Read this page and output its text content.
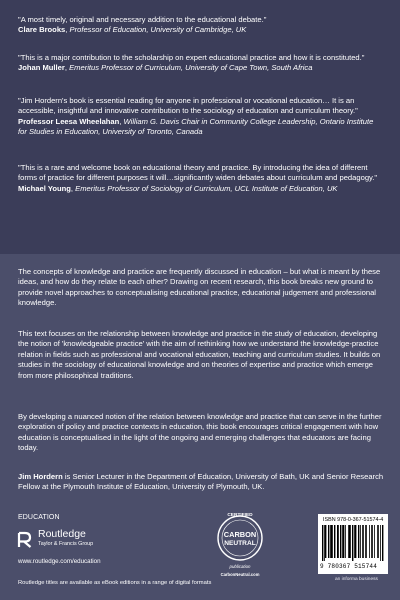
"A most timely, original and necessary addition to the educational debate."
Clare Brooks, Professor of Education, University of Cambridge, UK
"This is a major contribution to the scholarship on expert educational practice and how it is constituted."
Johan Muller, Emeritus Professor of Curriculum, University of Cape Town, South Africa
"Jim Hordern's book is essential reading for anyone in professional or vocational education… It is an accessible, insightful and innovative contribution to the sociology of education and curriculum theory."
Professor Leesa Wheelahan, William G. Davis Chair in Community College Leadership, Ontario Institute for Studies in Education, University of Toronto, Canada
"This is a rare and welcome book on educational theory and practice. By introducing the idea of different forms of practice for different purposes it will…significantly widen debates about curriculum and pedagogy."
Michael Young, Emeritus Professor of Sociology of Curriculum, UCL Institute of Education, UK
The concepts of knowledge and practice are frequently discussed in education – but what is meant by these ideas, and how do they relate to each other? Drawing on recent research, this book breaks new ground to provide novel approaches to conceptualising educational practice, educational judgement and professional knowledge.
This text focuses on the relationship between knowledge and practice in the study of education, developing the notion of 'knowledgeable practice' with the aim of rethinking how we understand the knowledge-practice relation in fields such as professional and vocational education, teaching and curriculum studies. It builds on studies in the sociology of educational knowledge and on theories of expertise and practice which emerge from more philosophical traditions.
By developing a nuanced notion of the relation between knowledge and practice that can serve in the further exploration of policy and practice contexts in education, this book encourages critical engagement with how education is conceptualised in the light of the ongoing and emerging challenges that educators are facing today.
Jim Hordern is Senior Lecturer in the Department of Education, University of Bath, UK and Senior Research Fellow at the Plymouth Institute of Education, University of Plymouth, UK.
EDUCATION
Routledge
Taylor & Francis Group
www.routledge.com/education
CERTIFIED
CARBON
NEUTRAL
publication
CarbonNeutral.com
ISBN 978-0-367-51574-4
9 780367 515744
an informa business
Routledge titles are available as eBook editions in a range of digital formats
